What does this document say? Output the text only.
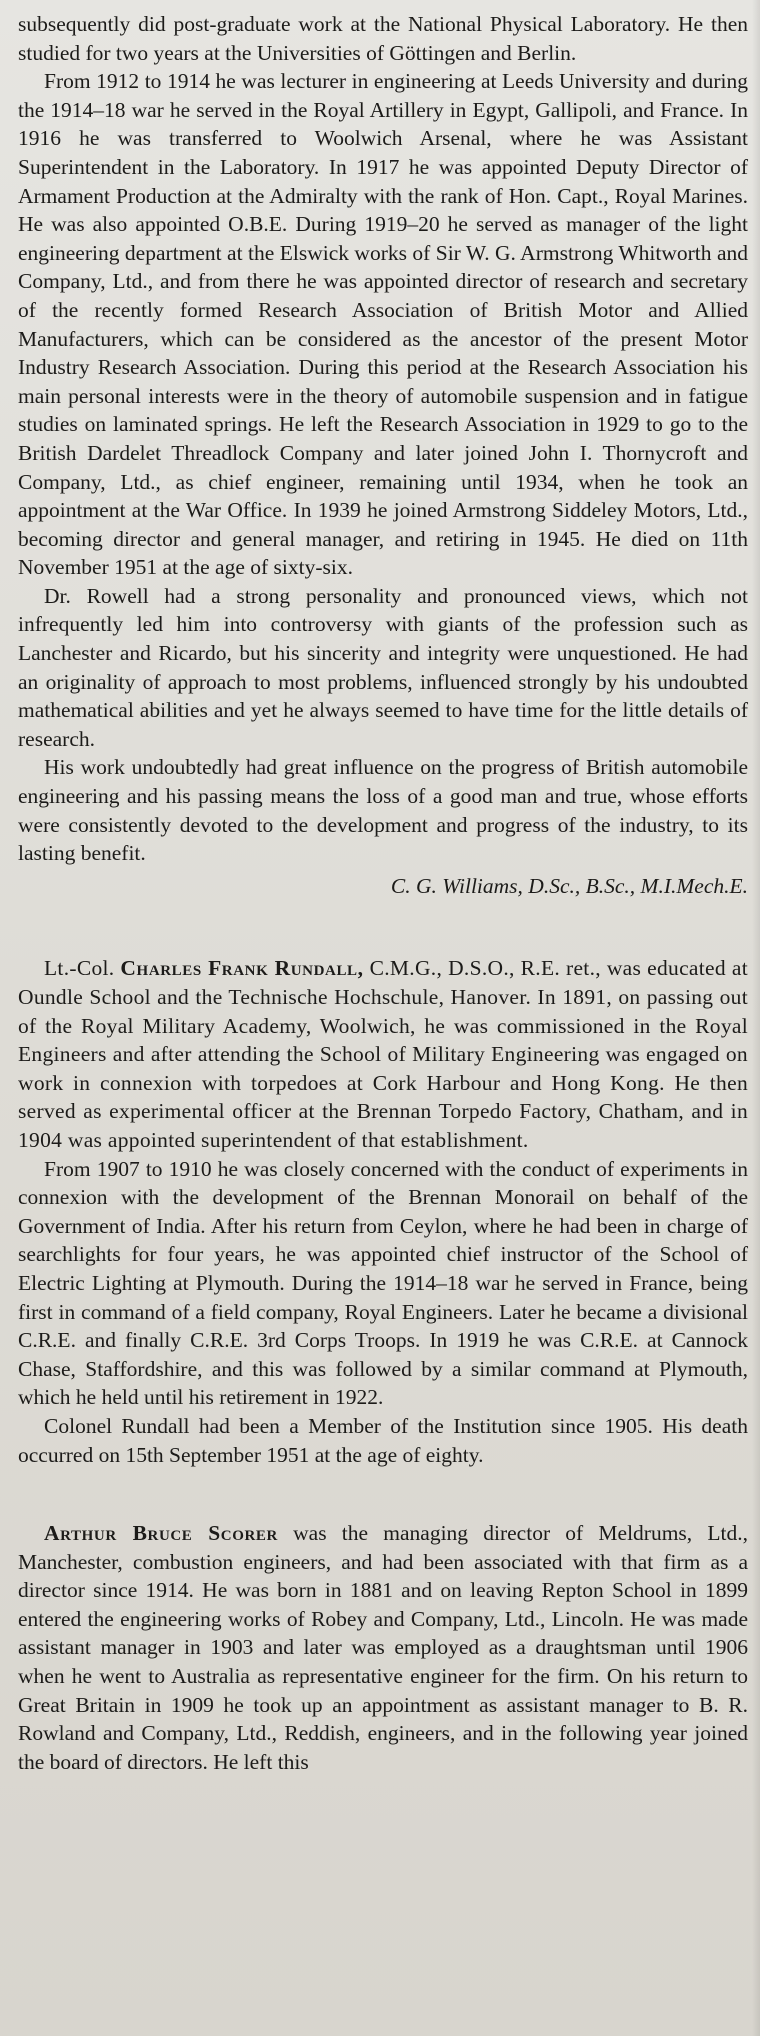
subsequently did post-graduate work at the National Physical Laboratory. He then studied for two years at the Universities of Göttingen and Berlin.

From 1912 to 1914 he was lecturer in engineering at Leeds University and during the 1914–18 war he served in the Royal Artillery in Egypt, Gallipoli, and France. In 1916 he was transferred to Woolwich Arsenal, where he was Assistant Superintendent in the Laboratory. In 1917 he was appointed Deputy Director of Armament Production at the Admiralty with the rank of Hon. Capt., Royal Marines. He was also appointed O.B.E. During 1919–20 he served as manager of the light engineering department at the Elswick works of Sir W. G. Armstrong Whitworth and Company, Ltd., and from there he was appointed director of research and secretary of the recently formed Research Association of British Motor and Allied Manufacturers, which can be considered as the ancestor of the present Motor Industry Research Association. During this period at the Research Association his main personal interests were in the theory of automobile suspension and in fatigue studies on laminated springs. He left the Research Association in 1929 to go to the British Dardelet Threadlock Company and later joined John I. Thornycroft and Company, Ltd., as chief engineer, remaining until 1934, when he took an appointment at the War Office. In 1939 he joined Armstrong Siddeley Motors, Ltd., becoming director and general manager, and retiring in 1945. He died on 11th November 1951 at the age of sixty-six.

Dr. Rowell had a strong personality and pronounced views, which not infrequently led him into controversy with giants of the profession such as Lanchester and Ricardo, but his sincerity and integrity were unquestioned. He had an originality of approach to most problems, influenced strongly by his undoubted mathematical abilities and yet he always seemed to have time for the little details of research.

His work undoubtedly had great influence on the progress of British automobile engineering and his passing means the loss of a good man and true, whose efforts were consistently devoted to the development and progress of the industry, to its lasting benefit.

C. G. Williams, D.Sc., B.Sc., M.I.Mech.E.

Lt.-Col. Charles Frank Rundall, C.M.G., D.S.O., R.E. ret., was educated at Oundle School and the Technische Hochschule, Hanover. In 1891, on passing out of the Royal Military Academy, Woolwich, he was commissioned in the Royal Engineers and after attending the School of Military Engineering was engaged on work in connexion with torpedoes at Cork Harbour and Hong Kong. He then served as experimental officer at the Brennan Torpedo Factory, Chatham, and in 1904 was appointed superintendent of that establishment.

From 1907 to 1910 he was closely concerned with the conduct of experiments in connexion with the development of the Brennan Monorail on behalf of the Government of India. After his return from Ceylon, where he had been in charge of searchlights for four years, he was appointed chief instructor of the School of Electric Lighting at Plymouth. During the 1914–18 war he served in France, being first in command of a field company, Royal Engineers. Later he became a divisional C.R.E. and finally C.R.E. 3rd Corps Troops. In 1919 he was C.R.E. at Cannock Chase, Staffordshire, and this was followed by a similar command at Plymouth, which he held until his retirement in 1922.

Colonel Rundall had been a Member of the Institution since 1905. His death occurred on 15th September 1951 at the age of eighty.

Arthur Bruce Scorer was the managing director of Meldrums, Ltd., Manchester, combustion engineers, and had been associated with that firm as a director since 1914. He was born in 1881 and on leaving Repton School in 1899 entered the engineering works of Robey and Company, Ltd., Lincoln. He was made assistant manager in 1903 and later was employed as a draughtsman until 1906 when he went to Australia as representative engineer for the firm. On his return to Great Britain in 1909 he took up an appointment as assistant manager to B. R. Rowland and Company, Ltd., Reddish, engineers, and in the following year joined the board of directors. He left this
